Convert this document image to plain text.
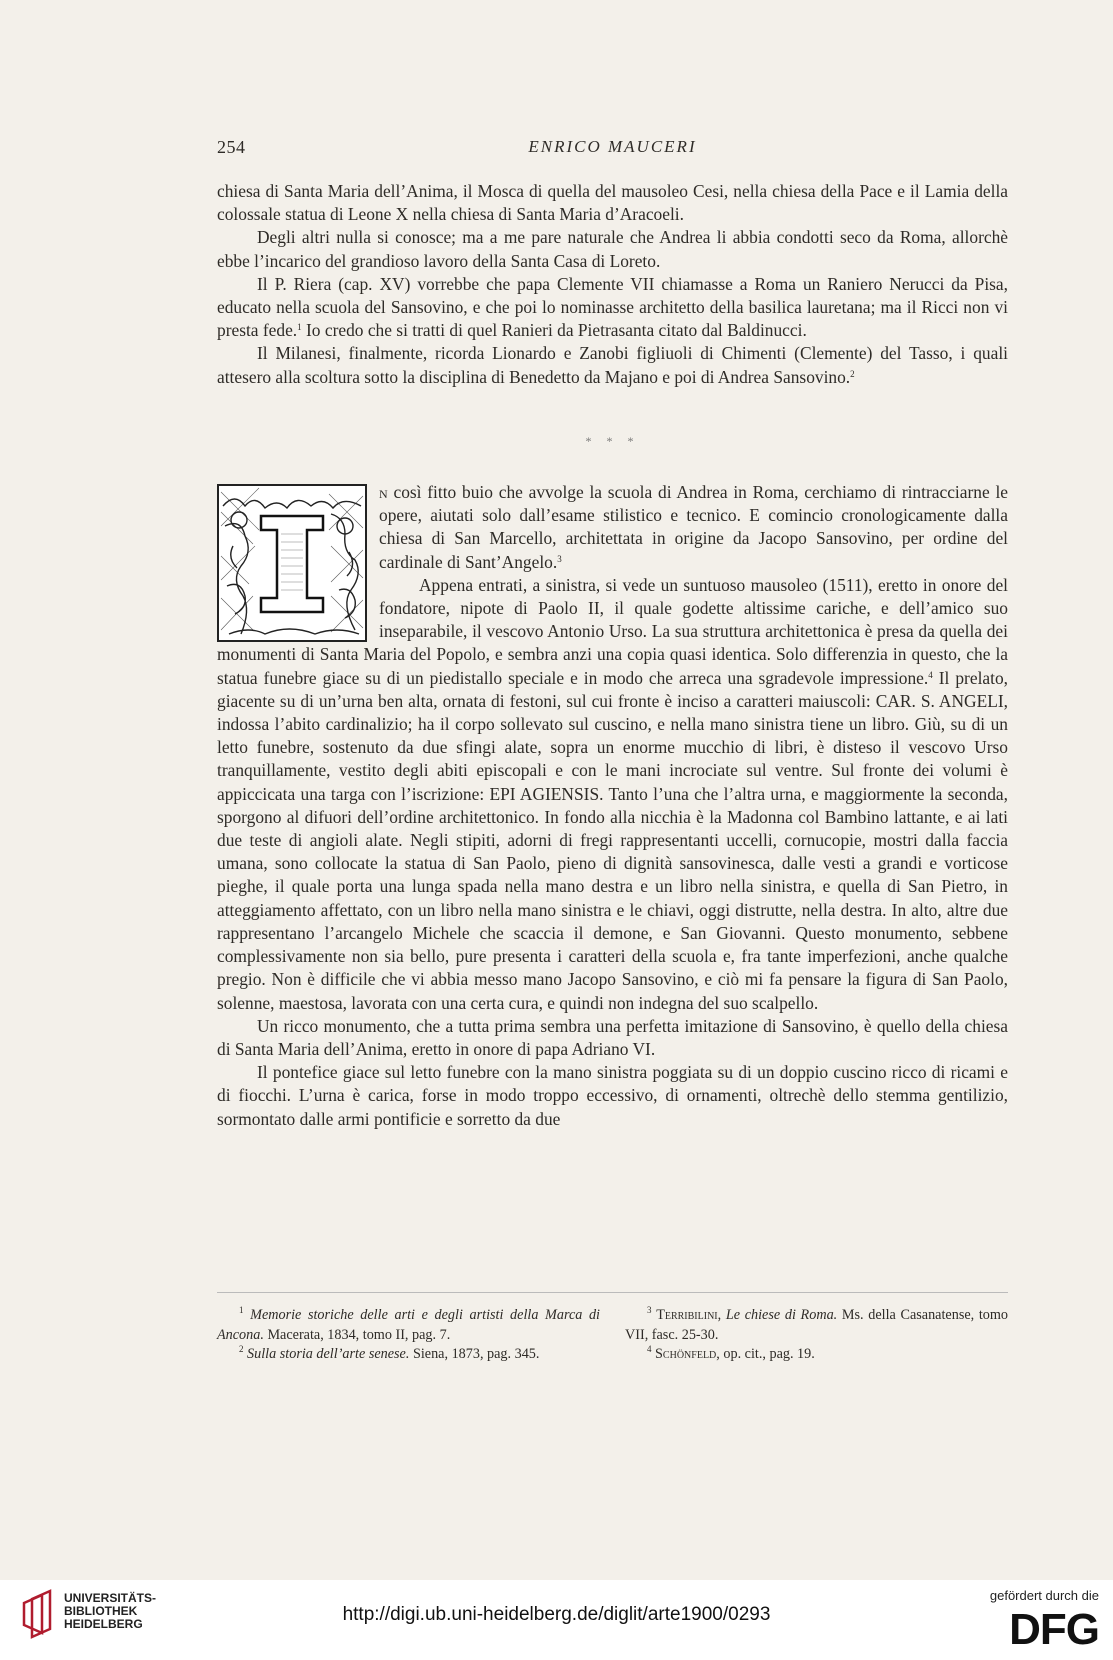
254	ENRICO MAUCERI

chiesa di Santa Maria dell’Anima, il Mosca di quella del mausoleo Cesi, nella chiesa della Pace e il Lamia della colossale statua di Leone X nella chiesa di Santa Maria d’Aracoeli.

Degli altri nulla si conosce; ma a me pare naturale che Andrea li abbia condotti seco da Roma, allorchè ebbe l’incarico del grandioso lavoro della Santa Casa di Loreto.

Il P. Riera (cap. XV) vorrebbe che papa Clemente VII chiamasse a Roma un Raniero Nerucci da Pisa, educato nella scuola del Sansovino, e che poi lo nominasse architetto della basilica lauretana; ma il Ricci non vi presta fede.$^1$ Io credo che si tratti di quel Ranieri da Pietrasanta citato dal Baldinucci.

Il Milanesi, finalmente, ricorda Lionardo e Zanobi figliuoli di Chimenti (Clemente) del Tasso, i quali attesero alla scoltura sotto la disciplina di Benedetto da Majano e poi di Andrea Sansovino.$^2$

* * *

n così fitto buio che avvolge la scuola di Andrea in Roma, cerchiamo di rintracciarne le opere, aiutati solo dall’esame stilistico e tecnico. E comincio cronologicamente dalla chiesa di San Marcello, architettata in origine da Jacopo Sansovino, per ordine del cardinale di Sant’Angelo.$^3$

Appena entrati, a sinistra, si vede un suntuoso mausoleo (1511), eretto in onore del fondatore, nipote di Paolo II, il quale godette altissime cariche, e dell’amico suo inseparabile, il vescovo Antonio Urso. La sua struttura architettonica è presa da quella dei monumenti di Santa Maria del Popolo, e sembra anzi una copia quasi identica. Solo differenzia in questo, che la statua funebre giace su di un piedistallo speciale e in modo che arreca una sgradevole impressione.$^4$ Il prelato, giacente su di un’urna ben alta, ornata di festoni, sul cui fronte è inciso a caratteri maiuscoli: CAR. S. ANGELI, indossa l’abito cardinalizio; ha il corpo sollevato sul cuscino, e nella mano sinistra tiene un libro. Giù, su di un letto funebre, sostenuto da due sfingi alate, sopra un enorme mucchio di libri, è disteso il vescovo Urso tranquillamente, vestito degli abiti episcopali e con le mani incrociate sul ventre. Sul fronte dei volumi è appiccicata una targa con l’iscrizione: EPI AGIENSIS. Tanto l’una che l’altra urna, e maggiormente la seconda, sporgono al difuori dell’ordine architettonico. In fondo alla nicchia è la Madonna col Bambino lattante, e ai lati due teste di angioli alate. Negli stipiti, adorni di fregi rappresentanti uccelli, cornucopie, mostri dalla faccia umana, sono collocate la statua di San Paolo, pieno di dignità sansovinesca, dalle vesti a grandi e vorticose pieghe, il quale porta una lunga spada nella mano destra e un libro nella sinistra, e quella di San Pietro, in atteggiamento affettato, con un libro nella mano sinistra e le chiavi, oggi distrutte, nella destra. In alto, altre due rappresentano l’arcangelo Michele che scaccia il demone, e San Giovanni. Questo monumento, sebbene complessivamente non sia bello, pure presenta i caratteri della scuola e, fra tante imperfezioni, anche qualche pregio. Non è difficile che vi abbia messo mano Jacopo Sansovino, e ciò mi fa pensare la figura di San Paolo, solenne, maestosa, lavorata con una certa cura, e quindi non indegna del suo scalpello.

Un ricco monumento, che a tutta prima sembra una perfetta imitazione di Sansovino, è quello della chiesa di Santa Maria dell’Anima, eretto in onore di papa Adriano VI.

Il pontefice giace sul letto funebre con la mano sinistra poggiata su di un doppio cuscino ricco di ricami e di fiocchi. L’urna è carica, forse in modo troppo eccessivo, di ornamenti, oltrechè dello stemma gentilizio, sormontato dalle armi pontificie e sorretto da due

$^1$ Memorie storiche delle arti e degli artisti della Marca di Ancona. Macerata, 1834, tomo II, pag. 7.

$^2$ Sulla storia dell’arte senese. Siena, 1873, pag. 345.

$^3$ Terribilini, Le chiese di Roma. Ms. della Casanatense, tomo VII, fasc. 25-30.

$^4$ Schönfeld, op. cit., pag. 19.

UNIVERSITÄTS-
BIBLIOTHEK
HEIDELBERG	http://digi.ub.uni-heidelberg.de/diglit/arte1900/0293
gefördert durch die
DFG
